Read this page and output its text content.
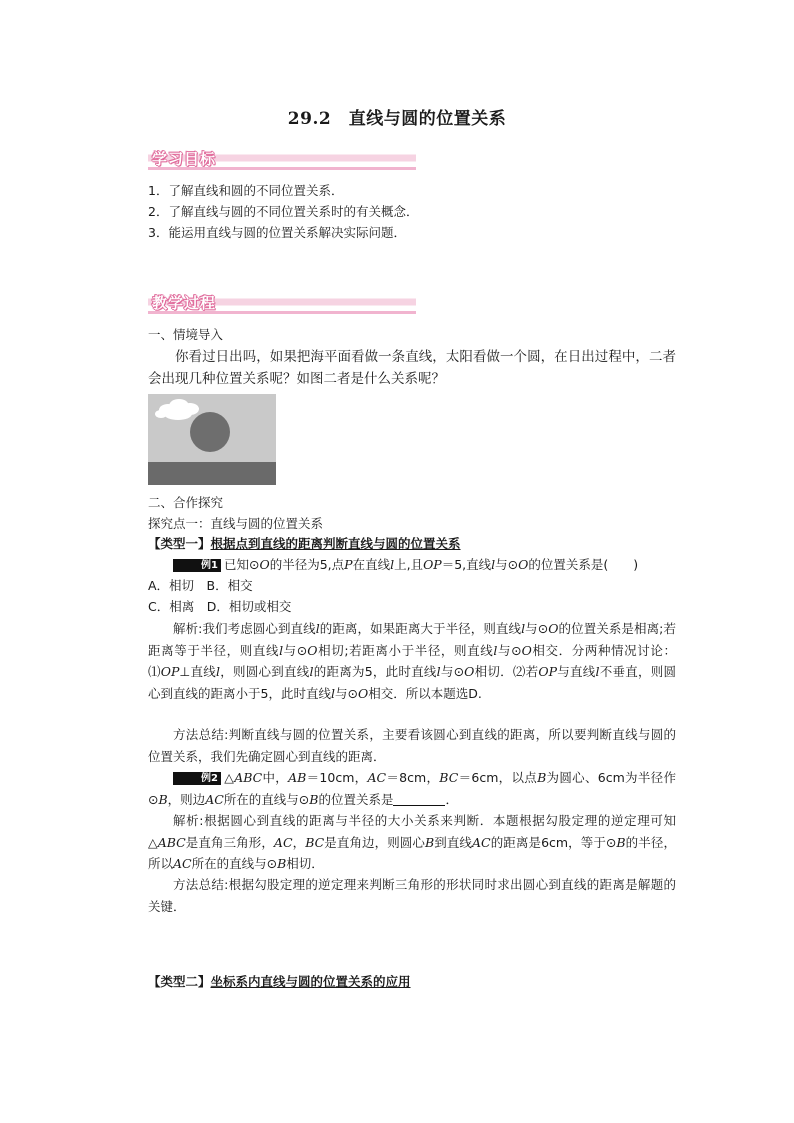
29.2　直线与圆的位置关系
学习目标
1．了解直线和圆的不同位置关系．
2．了解直线与圆的不同位置关系时的有关概念．
3．能运用直线与圆的位置关系解决实际问题．
教学过程
一、情境导入
你看过日出吗，如果把海平面看做一条直线，太阳看做一个圆，在日出过程中，二者会出现几种位置关系呢？如图二者是什么关系呢？
二、合作探究
探究点一：直线与圆的位置关系
【类型一】根据点到直线的距离判断直线与圆的位置关系
例1 已知⊙O的半径为5,点P在直线l上,且OP＝5,直线l与⊙O的位置关系是(　　)
A．相切　B．相交
C．相离　D．相切或相交
解析:我们考虑圆心到直线l的距离，如果距离大于半径，则直线l与⊙O的位置关系是相离;若距离等于半径，则直线l与⊙O相切;若距离小于半径，则直线l与⊙O相交．分两种情况讨论：⑴OP⊥直线l，则圆心到直线l的距离为5，此时直线l与⊙O相切．⑵若OP与直线l不垂直，则圆心到直线的距离小于5，此时直线l与⊙O相交．所以本题选D.
方法总结:判断直线与圆的位置关系，主要看该圆心到直线的距离，所以要判断直线与圆的位置关系，我们先确定圆心到直线的距离．
例2 △ABC中，AB＝10cm，AC＝8cm，BC＝6cm，以点B为圆心、6cm为半径作⊙B，则边AC所在的直线与⊙B的位置关系是	．
解析:根据圆心到直线的距离与半径的大小关系来判断．本题根据勾股定理的逆定理可知△ABC是直角三角形，AC，BC是直角边，则圆心B到直线AC的距离是6cm，等于⊙B的半径，所以AC所在的直线与⊙B相切．
方法总结:根据勾股定理的逆定理来判断三角形的形状同时求出圆心到直线的距离是解题的关键．
【类型二】坐标系内直线与圆的位置关系的应用
